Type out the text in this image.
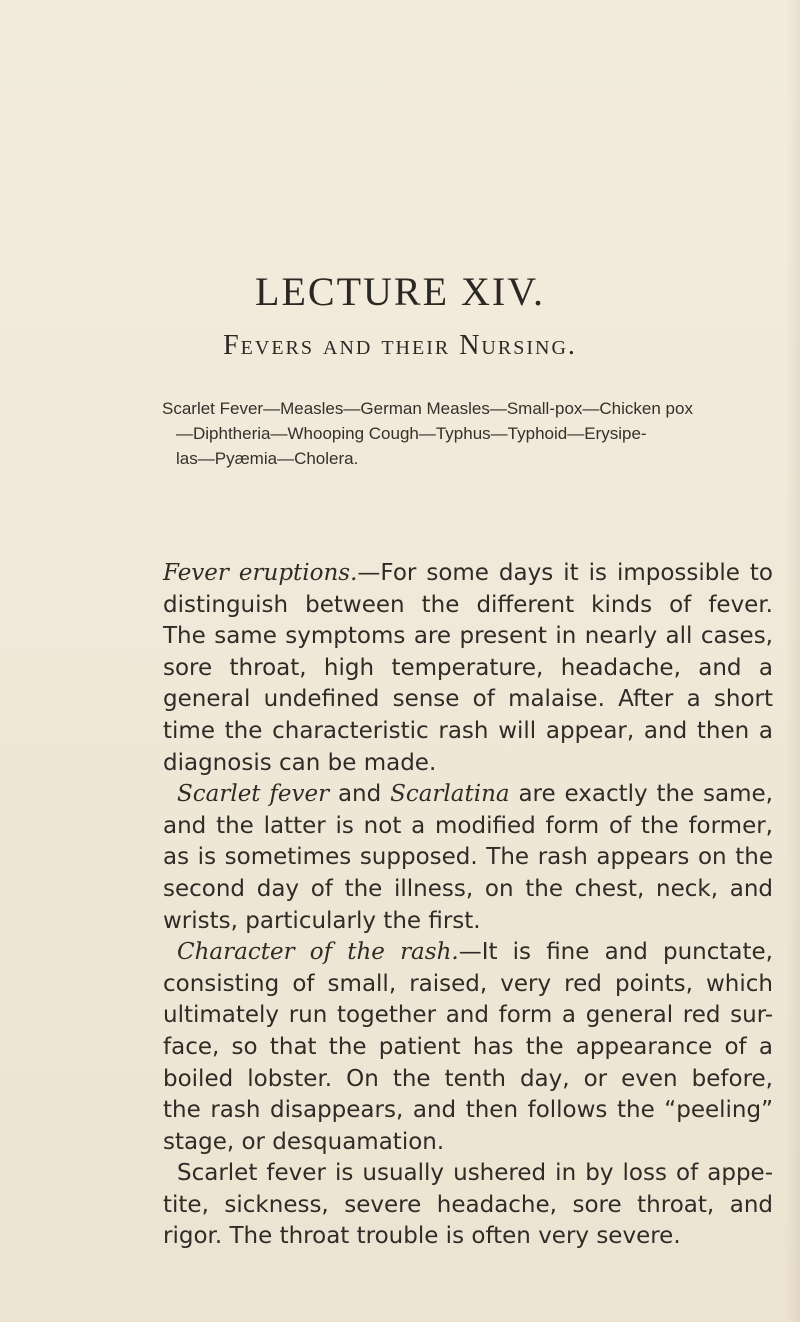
LECTURE XIV.
Fevers and their Nursing.
Scarlet Fever—Measles—German Measles—Small-pox—Chicken pox
—Diphtheria—Whooping Cough—Typhus—Typhoid—Erysipe-
las—Pyæmia—Cholera.
Fever eruptions.—For some days it is impossible to
distinguish between the different kinds of fever.
The same symptoms are present in nearly all cases,
sore throat, high temperature, headache, and a
general undefined sense of malaise. After a short
time the characteristic rash will appear, and then a
diagnosis can be made.
Scarlet fever and Scarlatina are exactly the same,
and the latter is not a modified form of the former,
as is sometimes supposed. The rash appears on the
second day of the illness, on the chest, neck, and
wrists, particularly the first.
Character of the rash.—It is fine and punctate,
consisting of small, raised, very red points, which
ultimately run together and form a general red sur-
face, so that the patient has the appearance of a
boiled lobster. On the tenth day, or even before,
the rash disappears, and then follows the “peeling”
stage, or desquamation.
Scarlet fever is usually ushered in by loss of appe-
tite, sickness, severe headache, sore throat, and
rigor. The throat trouble is often very severe.
